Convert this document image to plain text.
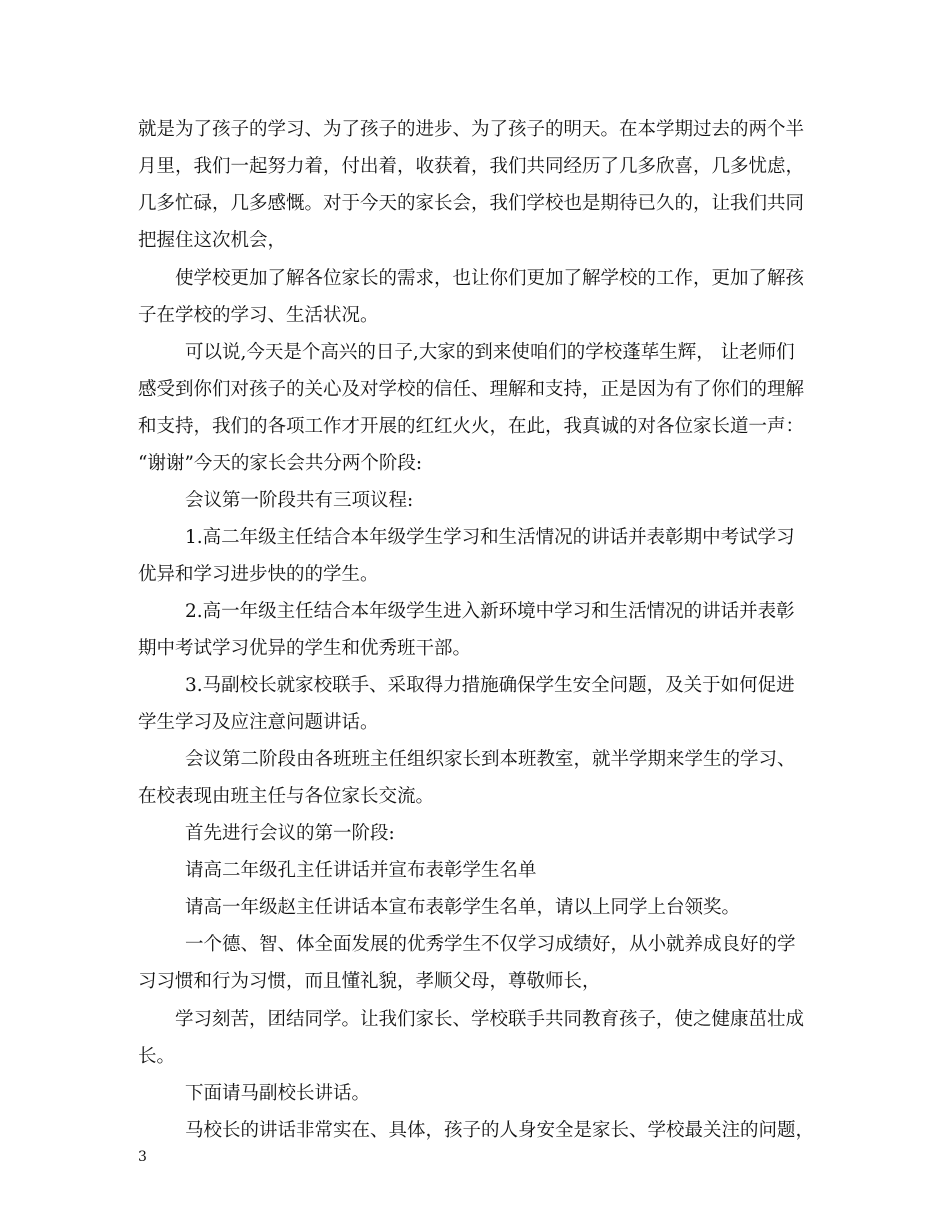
就是为了孩子的学习、为了孩子的进步、为了孩子的明天。在本学期过去的两个半
月里，我们一起努力着，付出着，收获着，我们共同经历了几多欣喜，几多忧虑，
几多忙碌，几多感慨。对于今天的家长会，我们学校也是期待已久的，让我们共同
把握住这次机会，
使学校更加了解各位家长的需求，也让你们更加了解学校的工作，更加了解孩
子在学校的学习、生活状况。
可以说,今天是个高兴的日子,大家的到来使咱们的学校蓬荜生辉， 让老师们
感受到你们对孩子的关心及对学校的信任、理解和支持，正是因为有了你们的理解
和支持，我们的各项工作才开展的红红火火，在此，我真诚的对各位家长道一声：
“谢谢”今天的家长会共分两个阶段:
会议第一阶段共有三项议程:
1.高二年级主任结合本年级学生学习和生活情况的讲话并表彰期中考试学习
优异和学习进步快的的学生。
2.高一年级主任结合本年级学生进入新环境中学习和生活情况的讲话并表彰
期中考试学习优异的学生和优秀班干部。
3.马副校长就家校联手、采取得力措施确保学生安全问题，及关于如何促进
学生学习及应注意问题讲话。
会议第二阶段由各班班主任组织家长到本班教室，就半学期来学生的学习、
在校表现由班主任与各位家长交流。
首先进行会议的第一阶段:
请高二年级孔主任讲话并宣布表彰学生名单
请高一年级赵主任讲话本宣布表彰学生名单，请以上同学上台领奖。
一个德、智、体全面发展的优秀学生不仅学习成绩好，从小就养成良好的学
习习惯和行为习惯，而且懂礼貌，孝顺父母，尊敬师长，
学习刻苦，团结同学。让我们家长、学校联手共同教育孩子，使之健康茁壮成
长。
下面请马副校长讲话。
马校长的讲话非常实在、具体，孩子的人身安全是家长、学校最关注的问题，
3
